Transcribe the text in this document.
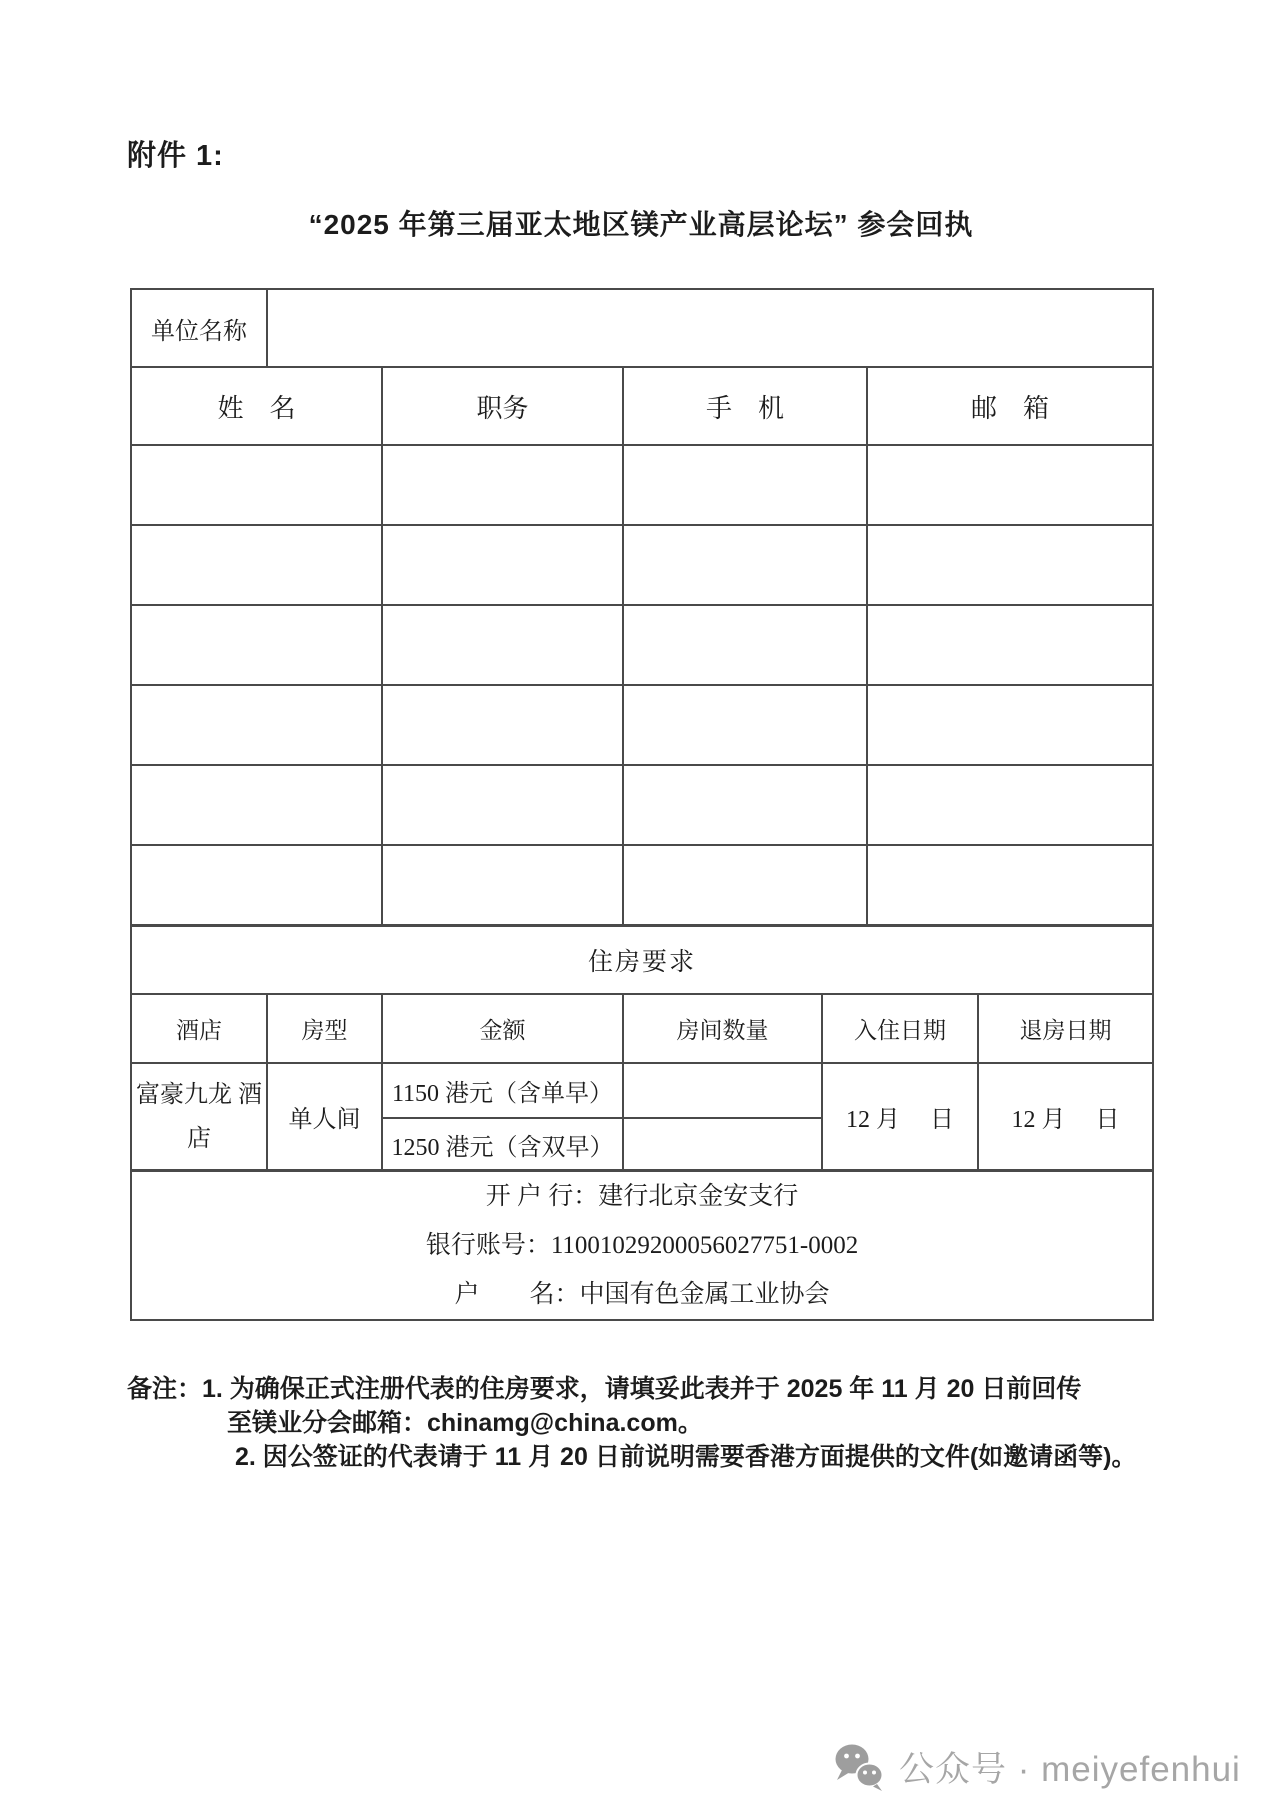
附件 1:
“2025 年第三届亚太地区镁产业高层论坛” 参会回执
单位名称						
姓　名		职务	手　机		邮　箱	

住房要求						
酒店	房型	金额	房间数量	入住日期		退房日期
富豪九龙 酒店	单人间	1150 港元（含单早）		12 月　 日		12 月　 日
		1250 港元（含双早）				

开 户 行：建行北京金安支行
银行账号：11001029200056027751-0002
户　　名：中国有色金属工业协会						
备注：1. 为确保正式注册代表的住房要求，请填妥此表并于 2025 年 11 月 20 日前回传
至镁业分会邮箱：chinamg@china.com。
2. 因公签证的代表请于 11 月 20 日前说明需要香港方面提供的文件(如邀请函等)。
公众号 · meiyefenhui
